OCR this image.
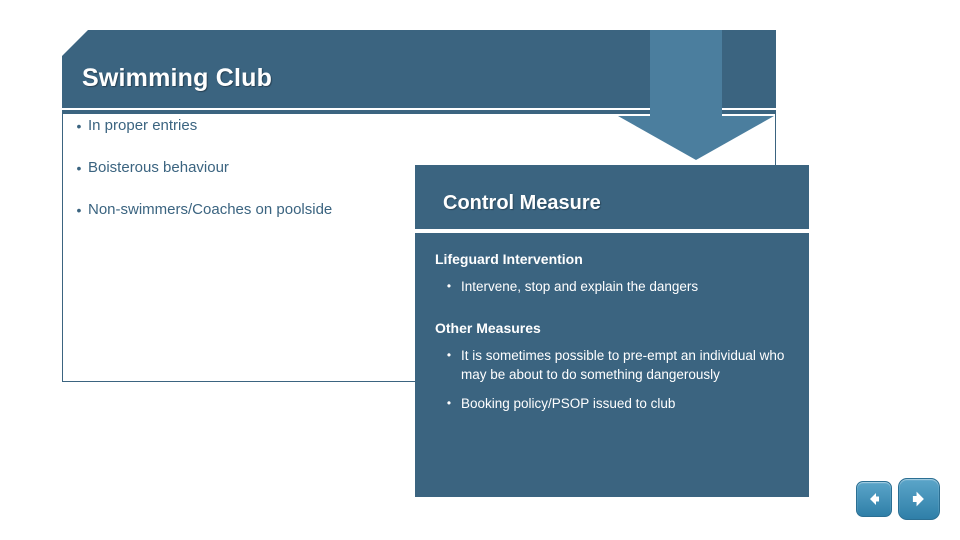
Swimming Club
• In proper entries
• Boisterous behaviour
• Non-swimmers/Coaches on poolside	Control Measure
Lifeguard Intervention
• Intervene, stop and explain the dangers
Other Measures
• It is sometimes possible to pre-empt an individual who may be about to do something dangerously
• Booking policy/PSOP issued to club
